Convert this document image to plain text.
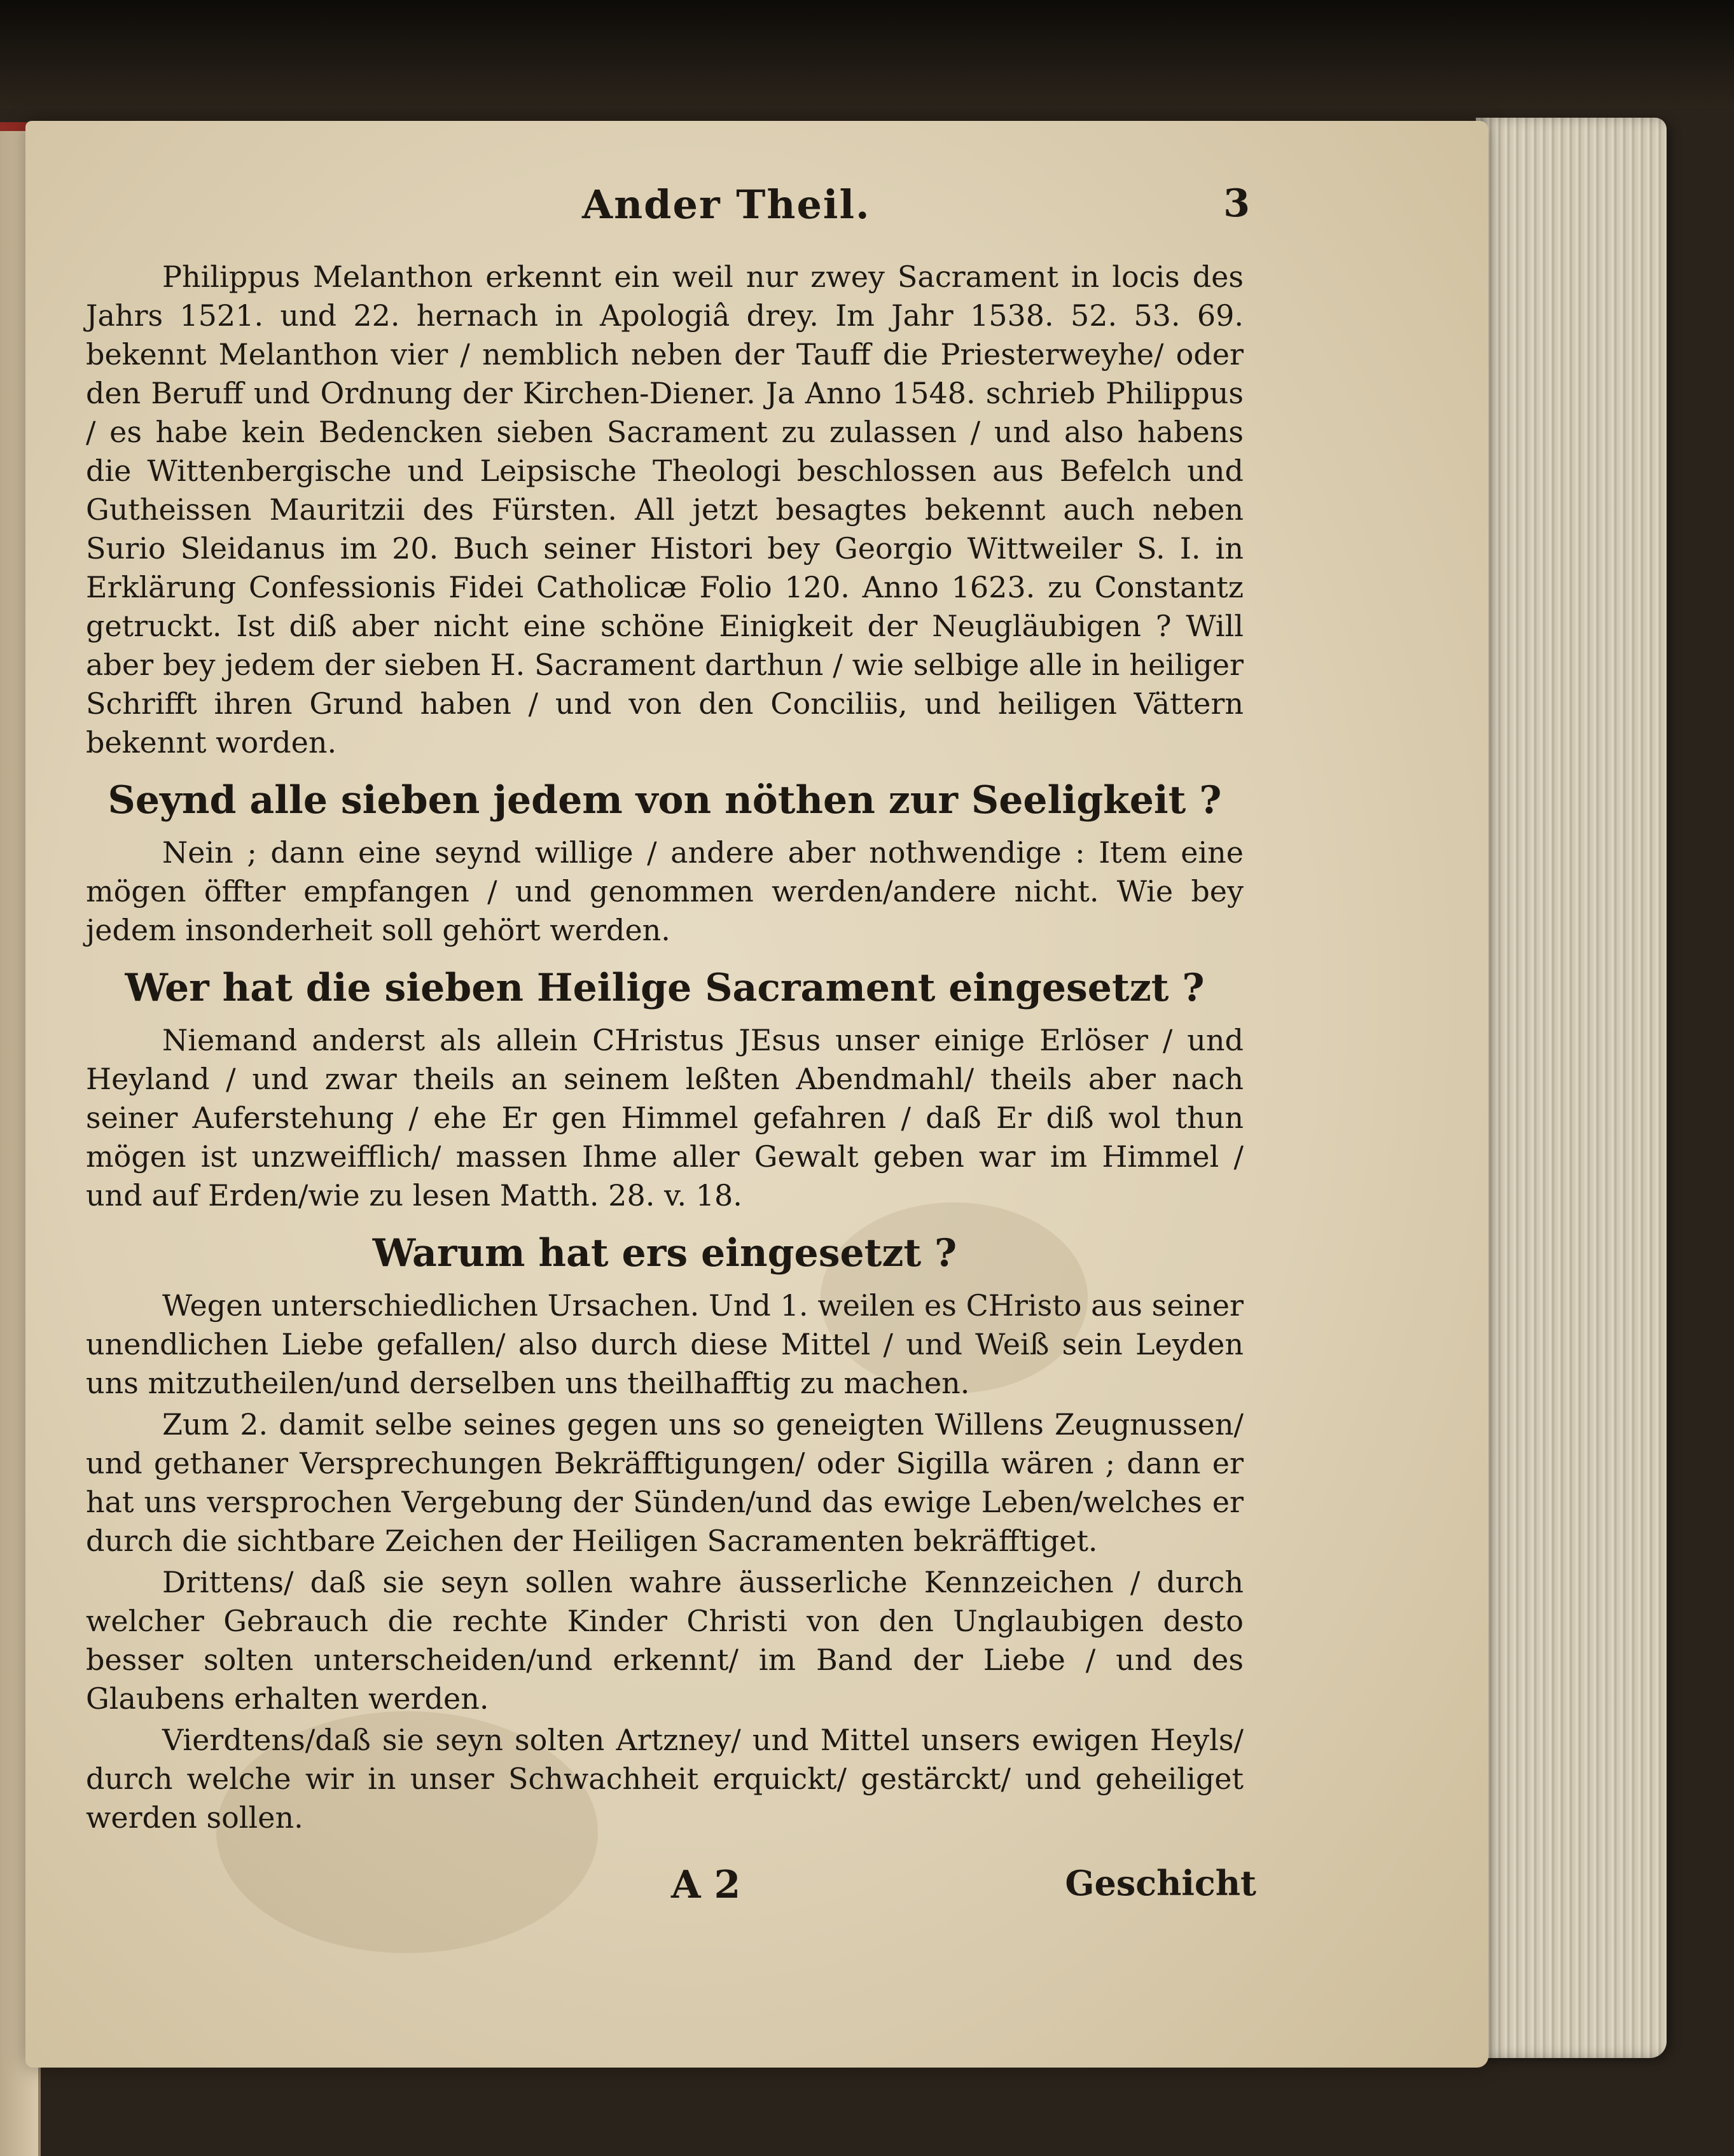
Ander Theil.	3
Philippus Melanthon erkennt ein weil nur zwey Sacrament in locis des Jahrs 1521. und 22. hernach in Apologiâ drey. Im Jahr 1538. 52. 53. 69. bekennt Melanthon vier / nemblich neben der Tauff die Priesterweyhe/ oder den Beruff und Ordnung der Kirchen-Diener. Ja Anno 1548. schrieb Philippus / es habe kein Bedencken sieben Sacrament zu zulassen / und also habens die Wittenbergische und Leipsische Theologi beschlossen aus Befelch und Gutheissen Mauritzii des Fürsten. All jetzt besagtes bekennt auch neben Surio Sleidanus im 20. Buch seiner Histori bey Georgio Wittweiler S. I. in Erklärung Confessionis Fidei Catholicæ Folio 120. Anno 1623. zu Constantz getruckt. Ist diß aber nicht eine schöne Einigkeit der Neugläubigen ? Will aber bey jedem der sieben H. Sacrament darthun / wie selbige alle in heiliger Schrifft ihren Grund haben / und von den Conciliis, und heiligen Vättern bekennt worden.
Seynd alle sieben jedem von nöthen zur Seeligkeit ?
Nein ; dann eine seynd willige / andere aber nothwendige : Item eine mögen öffter empfangen / und genommen werden/andere nicht. Wie bey jedem insonderheit soll gehört werden.
Wer hat die sieben Heilige Sacrament eingesetzt ?
Niemand anderst als allein CHristus JEsus unser einige Erlöser / und Heyland / und zwar theils an seinem leßten Abendmahl/ theils aber nach seiner Auferstehung / ehe Er gen Himmel gefahren / daß Er diß wol thun mögen ist unzweifflich/ massen Ihme aller Gewalt geben war im Himmel / und auf Erden/wie zu lesen Matth. 28. v. 18.
Warum hat ers eingesetzt ?
Wegen unterschiedlichen Ursachen. Und 1. weilen es CHristo aus seiner unendlichen Liebe gefallen/ also durch diese Mittel / und Weiß sein Leyden uns mitzutheilen/und derselben uns theilhafftig zu machen.
Zum 2. damit selbe seines gegen uns so geneigten Willens Zeugnussen/ und gethaner Versprechungen Bekräfftigungen/ oder Sigilla wären ; dann er hat uns versprochen Vergebung der Sünden/und das ewige Leben/welches er durch die sichtbare Zeichen der Heiligen Sacramenten bekräfftiget.
Drittens/ daß sie seyn sollen wahre äusserliche Kennzeichen / durch welcher Gebrauch die rechte Kinder Christi von den Unglaubigen desto besser solten unterscheiden/und erkennt/ im Band der Liebe / und des Glaubens erhalten werden.
Vierdtens/daß sie seyn solten Artzney/ und Mittel unsers ewigen Heyls/ durch welche wir in unser Schwachheit erquickt/ gestärckt/ und geheiliget werden sollen.
A 2	Geschicht
